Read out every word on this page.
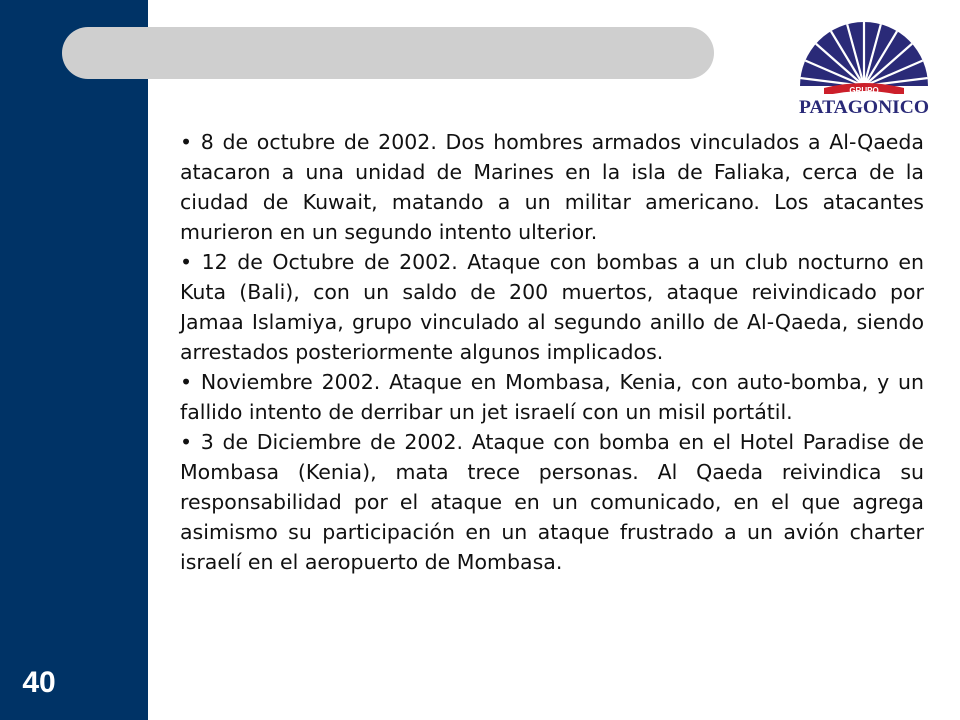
40
GRUPO
PATAGONICO

• 8 de octubre de 2002. Dos hombres armados vinculados a Al-Qaeda atacaron a una unidad de Marines en la isla de Faliaka, cerca de la ciudad de Kuwait, matando a un militar americano. Los atacantes murieron en un segundo intento ulterior.

• 12 de Octubre de 2002. Ataque con bombas a un club nocturno en Kuta (Bali), con un saldo de 200 muertos, ataque reivindicado por Jamaa Islamiya, grupo vinculado al segundo anillo de Al-Qaeda, siendo arrestados posteriormente algunos implicados.

• Noviembre 2002. Ataque en Mombasa, Kenia, con auto-bomba, y un fallido intento de derribar un jet israelí con un misil portátil.

• 3 de Diciembre de 2002. Ataque con bomba en el Hotel Paradise de Mombasa (Kenia), mata trece personas. Al Qaeda reivindica su responsabilidad por el ataque en un comunicado, en el que agrega asimismo su participación en un ataque frustrado a un avión charter israelí en el aeropuerto de Mombasa.
